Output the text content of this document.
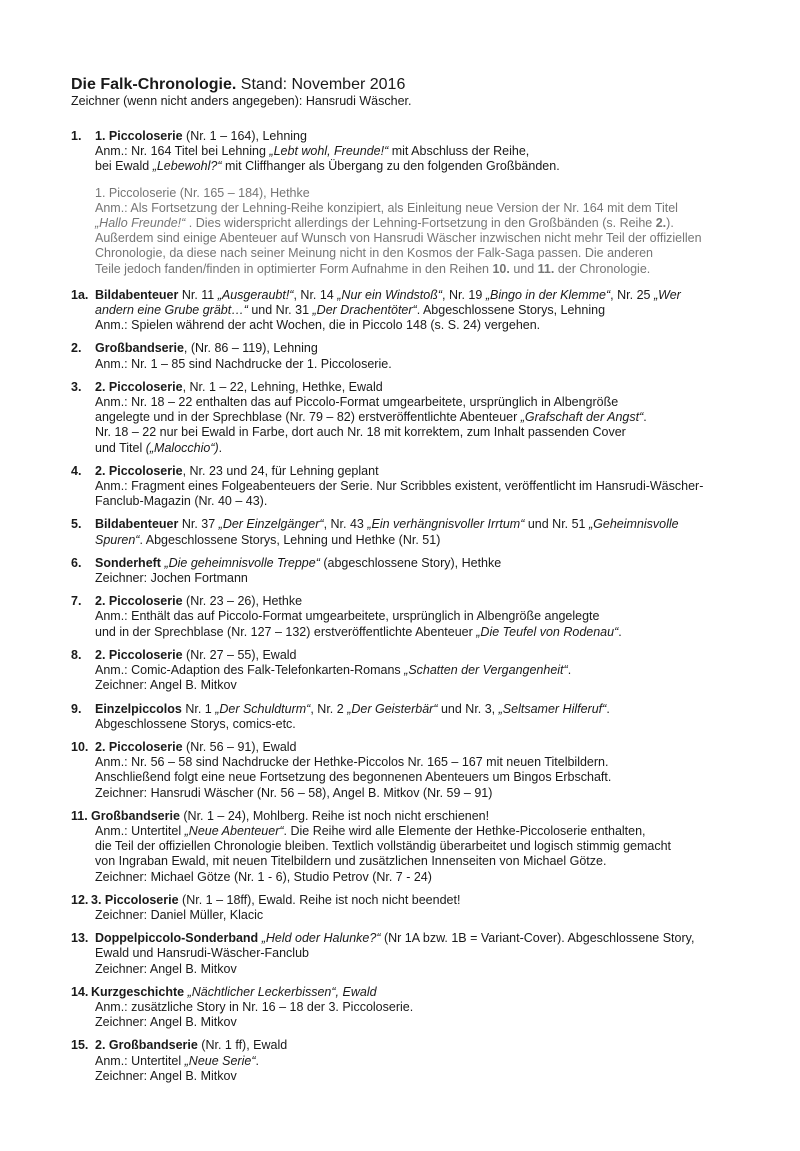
Die Falk-Chronologie. Stand: November 2016
Zeichner (wenn nicht anders angegeben): Hansrudi Wäscher.
1.	1. Piccoloserie (Nr. 1 – 164), Lehning
Anm.: Nr. 164 Titel bei Lehning „Lebt wohl, Freunde!“ mit Abschluss der Reihe,
bei Ewald „Lebewohl?“ mit Cliffhanger als Übergang zu den folgenden Großbänden.
1. Piccoloserie (Nr. 165 – 184), Hethke
Anm.: Als Fortsetzung der Lehning-Reihe konzipiert, als Einleitung neue Version der Nr. 164 mit dem Titel
„Hallo Freunde!“ . Dies widerspricht allerdings der Lehning-Fortsetzung in den Großbänden (s. Reihe 2.).
Außerdem sind einige Abenteuer auf Wunsch von Hansrudi Wäscher inzwischen nicht mehr Teil der offiziellen
Chronologie, da diese nach seiner Meinung nicht in den Kosmos der Falk-Saga passen. Die anderen
Teile jedoch fanden/finden in optimierter Form Aufnahme in den Reihen 10. und 11. der Chronologie.
1a. Bildabenteuer Nr. 11 „Ausgeraubt!“, Nr. 14 „Nur ein Windstoß“, Nr. 19 „Bingo in der Klemme“, Nr. 25 „Wer
andern eine Grube gräbt…“ und Nr. 31 „Der Drachentöter“. Abgeschlossene Storys, Lehning
Anm.: Spielen während der acht Wochen, die in Piccolo 148 (s. S. 24) vergehen.
2.	Großbandserie, (Nr. 86 – 119), Lehning
Anm.: Nr. 1 – 85 sind Nachdrucke der 1. Piccoloserie.
3.	2. Piccoloserie, Nr. 1 – 22, Lehning, Hethke, Ewald
Anm.: Nr. 18 – 22 enthalten das auf Piccolo-Format umgearbeitete, ursprünglich in Albengröße
angelegte und in der Sprechblase (Nr. 79 – 82) erstveröffentlichte Abenteuer „Grafschaft der Angst“.
Nr. 18 – 22 nur bei Ewald in Farbe, dort auch Nr. 18 mit korrektem, zum Inhalt passenden Cover
und Titel („Malocchio“).
4.	2. Piccoloserie, Nr. 23 und 24, für Lehning geplant
Anm.: Fragment eines Folgeabenteuers der Serie. Nur Scribbles existent, veröffentlicht im Hansrudi-Wäscher-
Fanclub-Magazin (Nr. 40 – 43).
5.	Bildabenteuer Nr. 37 „Der Einzelgänger“, Nr. 43 „Ein verhängnisvoller Irrtum“ und Nr. 51 „Geheimnisvolle
Spuren“. Abgeschlossene Storys, Lehning und Hethke (Nr. 51)
6.	Sonderheft „Die geheimnisvolle Treppe“ (abgeschlossene Story), Hethke
Zeichner: Jochen Fortmann
7.	2. Piccoloserie (Nr. 23 – 26), Hethke
Anm.: Enthält das auf Piccolo-Format umgearbeitete, ursprünglich in Albengröße angelegte
und in der Sprechblase (Nr. 127 – 132) erstveröffentlichte Abenteuer „Die Teufel von Rodenau“.
8.	2. Piccoloserie (Nr. 27 – 55), Ewald
Anm.: Comic-Adaption des Falk-Telefonkarten-Romans „Schatten der Vergangenheit“.
Zeichner: Angel B. Mitkov
9.	Einzelpiccolos Nr. 1 „Der Schuldturm“, Nr. 2 „Der Geisterbär“ und Nr. 3, „Seltsamer Hilferuf“.
Abgeschlossene Storys, comics-etc.
10. 2. Piccoloserie (Nr. 56 – 91), Ewald
Anm.: Nr. 56 – 58 sind Nachdrucke der Hethke-Piccolos Nr. 165 – 167 mit neuen Titelbildern.
Anschließend folgt eine neue Fortsetzung des begonnenen Abenteuers um Bingos Erbschaft.
Zeichner: Hansrudi Wäscher (Nr. 56 – 58), Angel B. Mitkov (Nr. 59 – 91)
11. Großbandserie (Nr. 1 – 24), Mohlberg. Reihe ist noch nicht erschienen!
Anm.: Untertitel „Neue Abenteuer“. Die Reihe wird alle Elemente der Hethke-Piccoloserie enthalten,
die Teil der offiziellen Chronologie bleiben. Textlich vollständig überarbeitet und logisch stimmig gemacht
von Ingraban Ewald, mit neuen Titelbildern und zusätzlichen Innenseiten von Michael Götze.
Zeichner: Michael Götze (Nr. 1 - 6), Studio Petrov (Nr. 7 - 24)
12. 3. Piccoloserie (Nr. 1 – 18ff), Ewald. Reihe ist noch nicht beendet!
Zeichner: Daniel Müller, Klacic
13. Doppelpiccolo-Sonderband „Held oder Halunke?“ (Nr 1A bzw. 1B = Variant-Cover). Abgeschlossene Story,
Ewald und Hansrudi-Wäscher-Fanclub
Zeichner: Angel B. Mitkov
14. Kurzgeschichte „Nächtlicher Leckerbissen“, Ewald
Anm.: zusätzliche Story in Nr. 16 – 18 der 3. Piccoloserie.
Zeichner: Angel B. Mitkov
15. 2. Großbandserie (Nr. 1 ff), Ewald
Anm.: Untertitel „Neue Serie“.
Zeichner: Angel B. Mitkov
